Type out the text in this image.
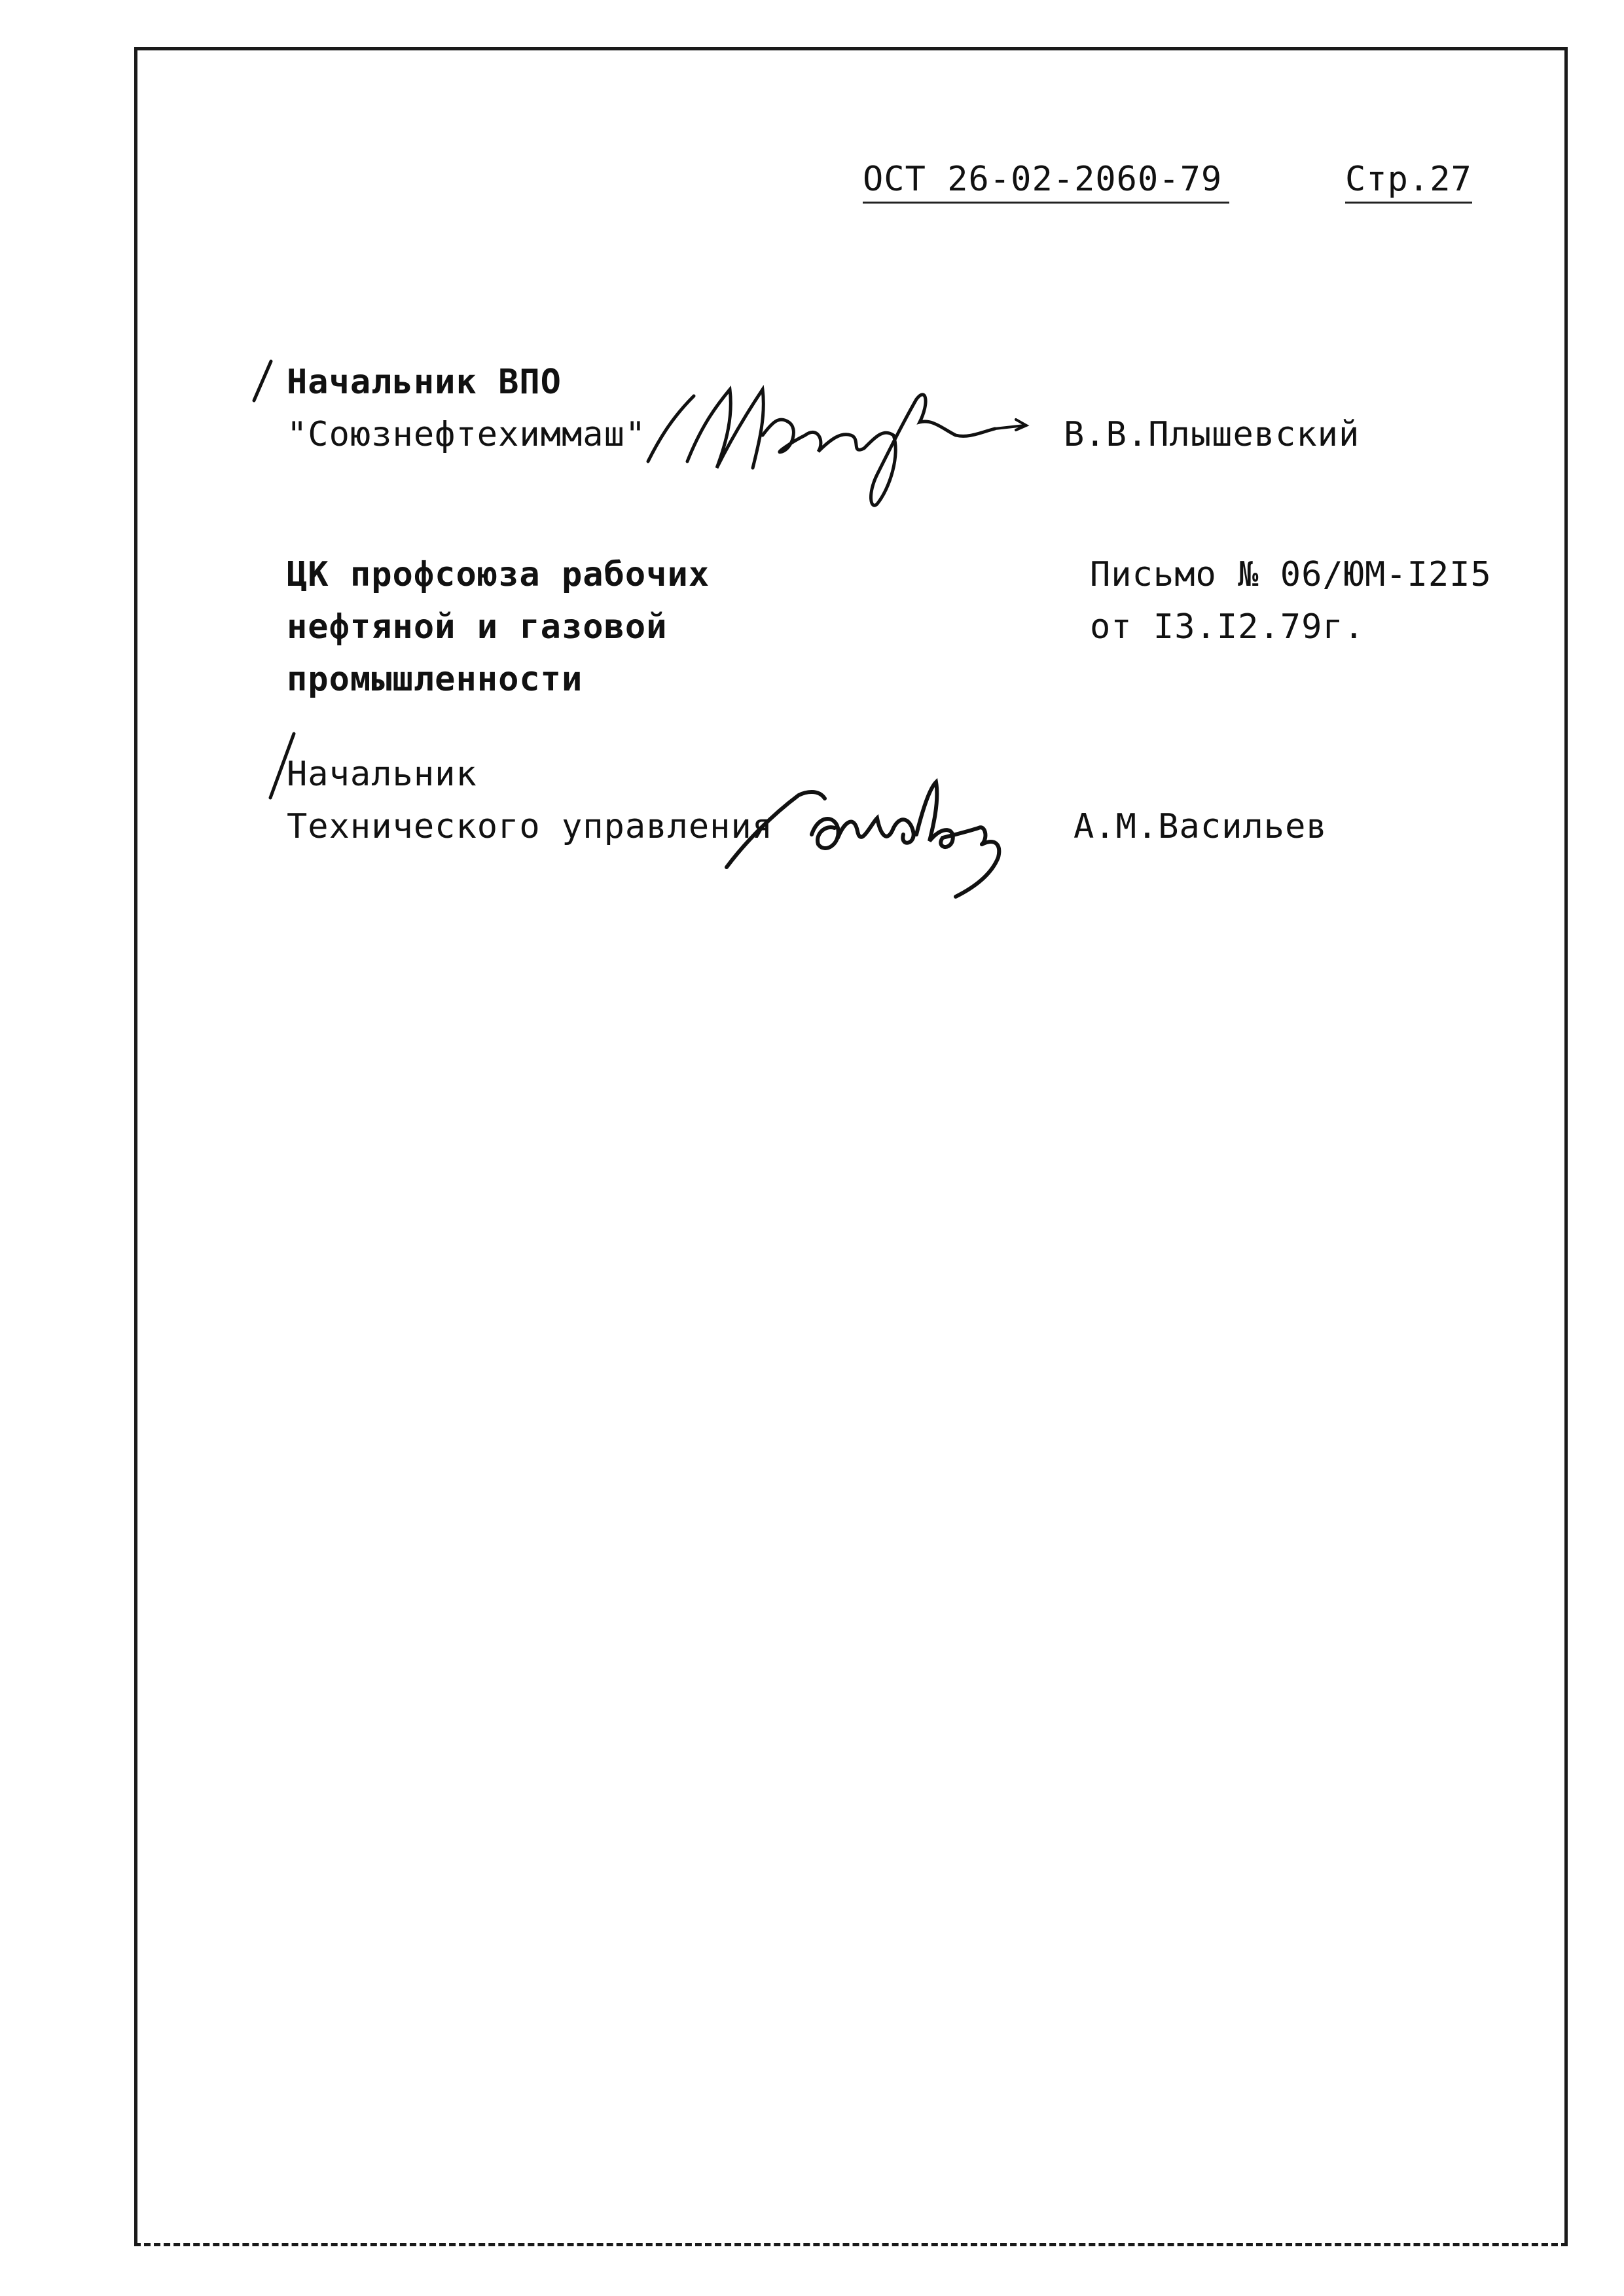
ОСТ 26-02-2060-79	Стр.27
Начальник ВПО
"Союзнефтехиммаш"	В.В.Плышевский
ЦК профсоюза рабочих
нефтяной и газовой
промышленности
Письмо № 06/ЮМ-I2I5
от I3.I2.79г.
Начальник
Технического управления	А.М.Васильев
